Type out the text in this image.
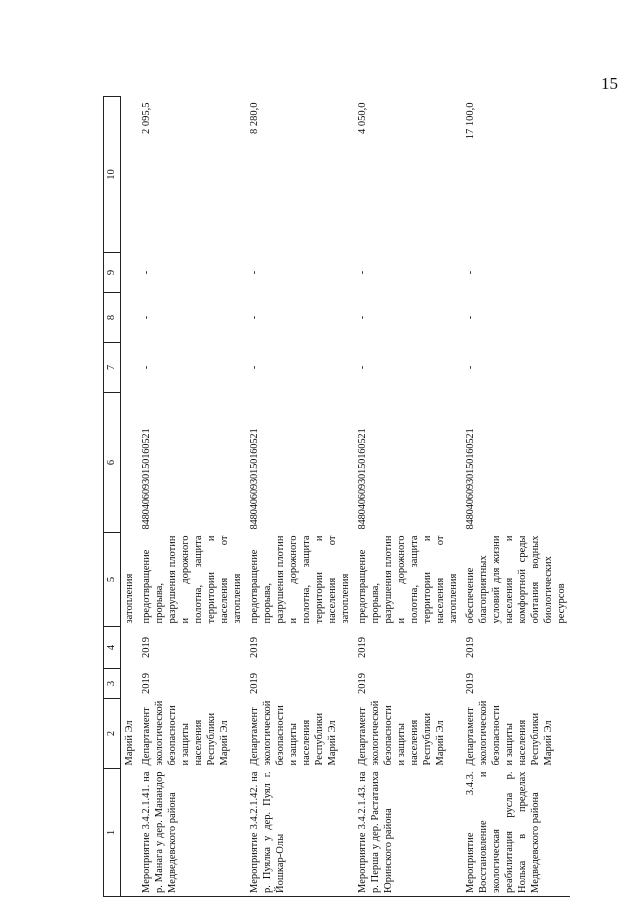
15
1	2	3	4	5	6	7	8	9	10
	Марий Эл			затопления					
Мероприятие 3.4.2.1.41. на р. Манага у дер. Манандор Медведевского района	Департамент экологической безопасности и защиты населения Республики Марий Эл	2019	2019	предотвращение прорыва, разрушения плотин и дорожного полотна, защита территории и населения от затопления	84804060930150160521	-	-	-	2 095,5
Мероприятие 3.4.2.1.42. на р. Пуялка у дер. Пуял г. Йошкар-Олы	Департамент экологической безопасности и защиты населения Республики Марий Эл	2019	2019	предотвращение прорыва, разрушения плотин и дорожного полотна, защита территории и населения от затопления	84804060930150160521	-	-	-	8 280,0
Мероприятие 3.4.2.1.43. на р. Перша у дер. Растатаиха Юринского района	Департамент экологической безопасности и защиты населения Республики Марий Эл	2019	2019	предотвращение прорыва, разрушения плотин и дорожного полотна, защита территории и населения от затопления	84804060930150160521	-	-	-	4 050,0
Мероприятие 3.4.3. Восстановление и экологическая реабилитация русла р. Нолька в пределах Медведевского района	Департамент экологической безопасности и защиты населения Республики Марий Эл	2019	2019	обеспечение благоприятных условий для жизни населения и комфортной среды обитания водных биологических ресурсов	84804060930150160521	-	-	-	17 100,0
